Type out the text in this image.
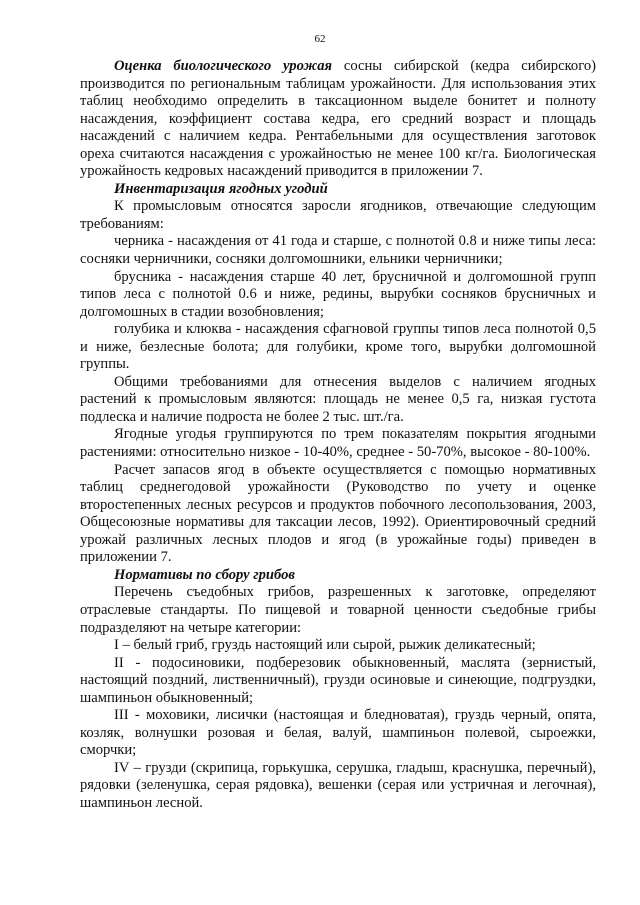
62

Оценка биологического урожая сосны сибирской (кедра сибирского) производится по региональным таблицам урожайности. Для использования этих таблиц необходимо определить в таксационном выделе бонитет и полноту насаждения, коэффициент состава кедра, его средний возраст и площадь насаждений с наличием кедра. Рентабельными для осуществления заготовок ореха считаются насаждения с урожайностью не менее 100 кг/га. Биологическая урожайность кедровых насаждений приводится в приложении 7.

Инвентаризация ягодных угодий

К промысловым относятся заросли ягодников, отвечающие следующим требованиям:

черника - насаждения от 41 года и старше, с полнотой 0.8 и ниже типы леса: сосняки черничники, сосняки долгомошники, ельники черничники;

брусника - насаждения старше 40 лет, брусничной и долгомошной групп типов леса с полнотой 0.6 и ниже, редины, вырубки сосняков брусничных и долгомошных в стадии возобновления;

голубика и клюква - насаждения сфагновой группы типов леса полнотой 0,5 и ниже, безлесные болота; для голубики, кроме того, вырубки долгомошной группы.

Общими требованиями для отнесения выделов с наличием ягодных растений к промысловым являются: площадь не менее 0,5 га, низкая густота подлеска и наличие подроста не более 2 тыс. шт./га.

Ягодные угодья группируются по трем показателям покрытия ягодными растениями: относительно низкое - 10-40%, среднее - 50-70%, высокое - 80-100%.

Расчет запасов ягод в объекте осуществляется с помощью нормативных таблиц среднегодовой урожайности (Руководство по учету и оценке второстепенных лесных ресурсов и продуктов побочного лесопользования, 2003, Общесоюзные нормативы для таксации лесов, 1992). Ориентировочный средний урожай различных лесных плодов и ягод (в урожайные годы) приведен в приложении 7.

Нормативы по сбору грибов

Перечень съедобных грибов, разрешенных к заготовке, определяют отраслевые стандарты. По пищевой и товарной ценности съедобные грибы подразделяют на четыре категории:

I – белый гриб, груздь настоящий или сырой, рыжик деликатесный;

II - подосиновики, подберезовик обыкновенный, маслята (зернистый, настоящий поздний, лиственничный), грузди осиновые и синеющие, подгруздки, шампиньон обыкновенный;

III - моховики, лисички (настоящая и бледноватая), груздь черный, опята, козляк, волнушки розовая и белая, валуй, шампиньон полевой, сыроежки, сморчки;

IV – грузди (скрипица, горькушка, серушка, гладыш, краснушка, перечный), рядовки (зеленушка, серая рядовка), вешенки (серая или устричная и легочная), шампиньон лесной.
